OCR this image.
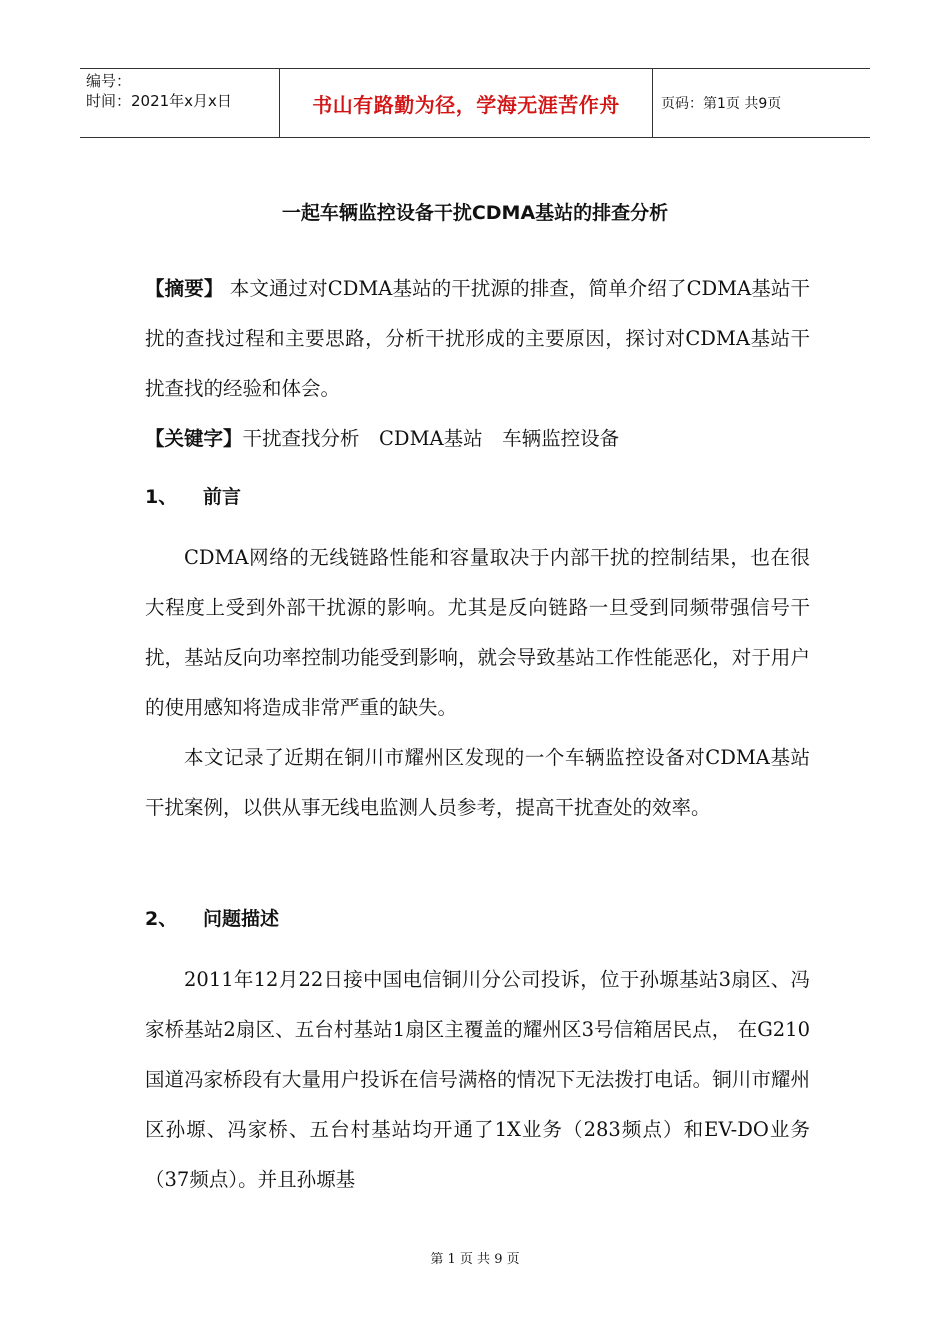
编号：
时间：2021年x月x日	书山有路勤为径，学海无涯苦作舟	页码：第1页 共9页
一起车辆监控设备干扰CDMA基站的排查分析

【摘要】 本文通过对CDMA基站的干扰源的排查，简单介绍了CDMA基站干扰的查找过程和主要思路，分析干扰形成的主要原因，探讨对CDMA基站干扰查找的经验和体会。

【关键字】干扰查找分析　CDMA基站　车辆监控设备

1、 前言

CDMA网络的无线链路性能和容量取决于内部干扰的控制结果，也在很大程度上受到外部干扰源的影响。尤其是反向链路一旦受到同频带强信号干扰，基站反向功率控制功能受到影响，就会导致基站工作性能恶化，对于用户的使用感知将造成非常严重的缺失。

本文记录了近期在铜川市耀州区发现的一个车辆监控设备对CDMA基站干扰案例，以供从事无线电监测人员参考，提高干扰查处的效率。

2、 问题描述

2011年12月22日接中国电信铜川分公司投诉，位于孙塬基站3扇区、冯家桥基站2扇区、五台村基站1扇区主覆盖的耀州区3号信箱居民点， 在G210国道冯家桥段有大量用户投诉在信号满格的情况下无法拨打电话。铜川市耀州区孙塬、冯家桥、五台村基站均开通了1X业务（283频点）和EV-DO业务（37频点）。并且孙塬基

第 1 页 共 9 页
